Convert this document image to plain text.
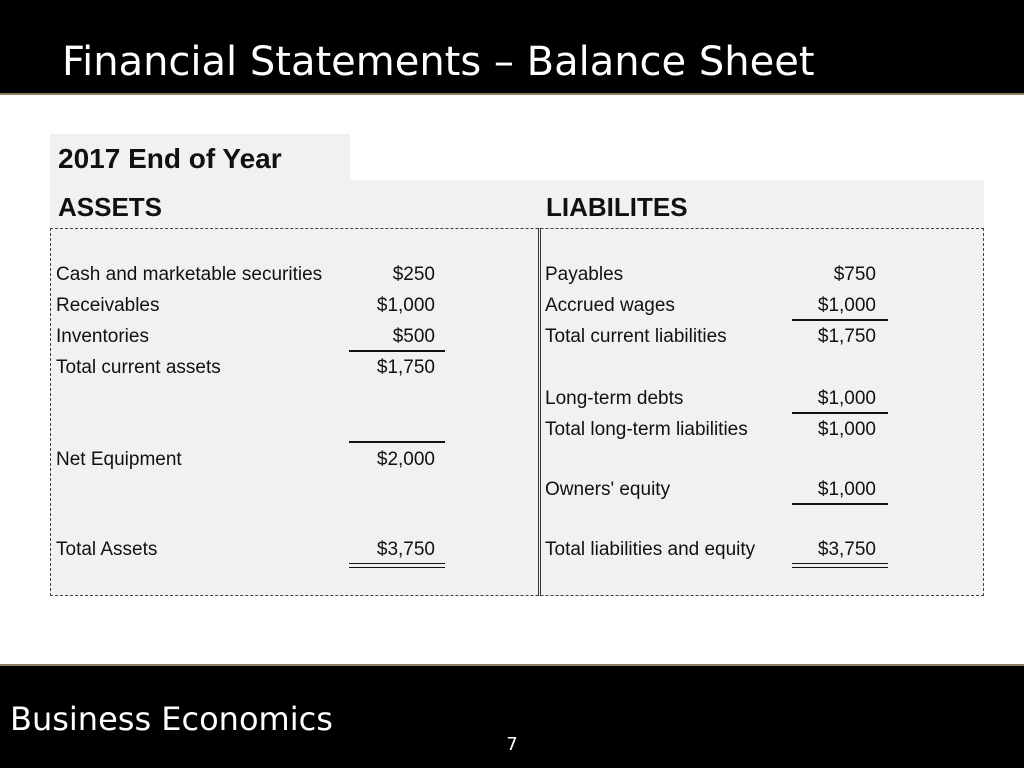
Financial Statements – Balance Sheet
2017 End of Year
ASSETS	LIABILITES
Cash and marketable securities	$250
Receivables	$1,000
Inventories	$500
Total current assets	$1,750
Net Equipment	$2,000
Total Assets	$3,750
Payables	$750
Accrued wages	$1,000
Total current liabilities	$1,750
Long-term debts	$1,000
Total long-term liabilities	$1,000
Owners' equity	$1,000
Total liabilities and equity	$3,750
Business Economics
7
